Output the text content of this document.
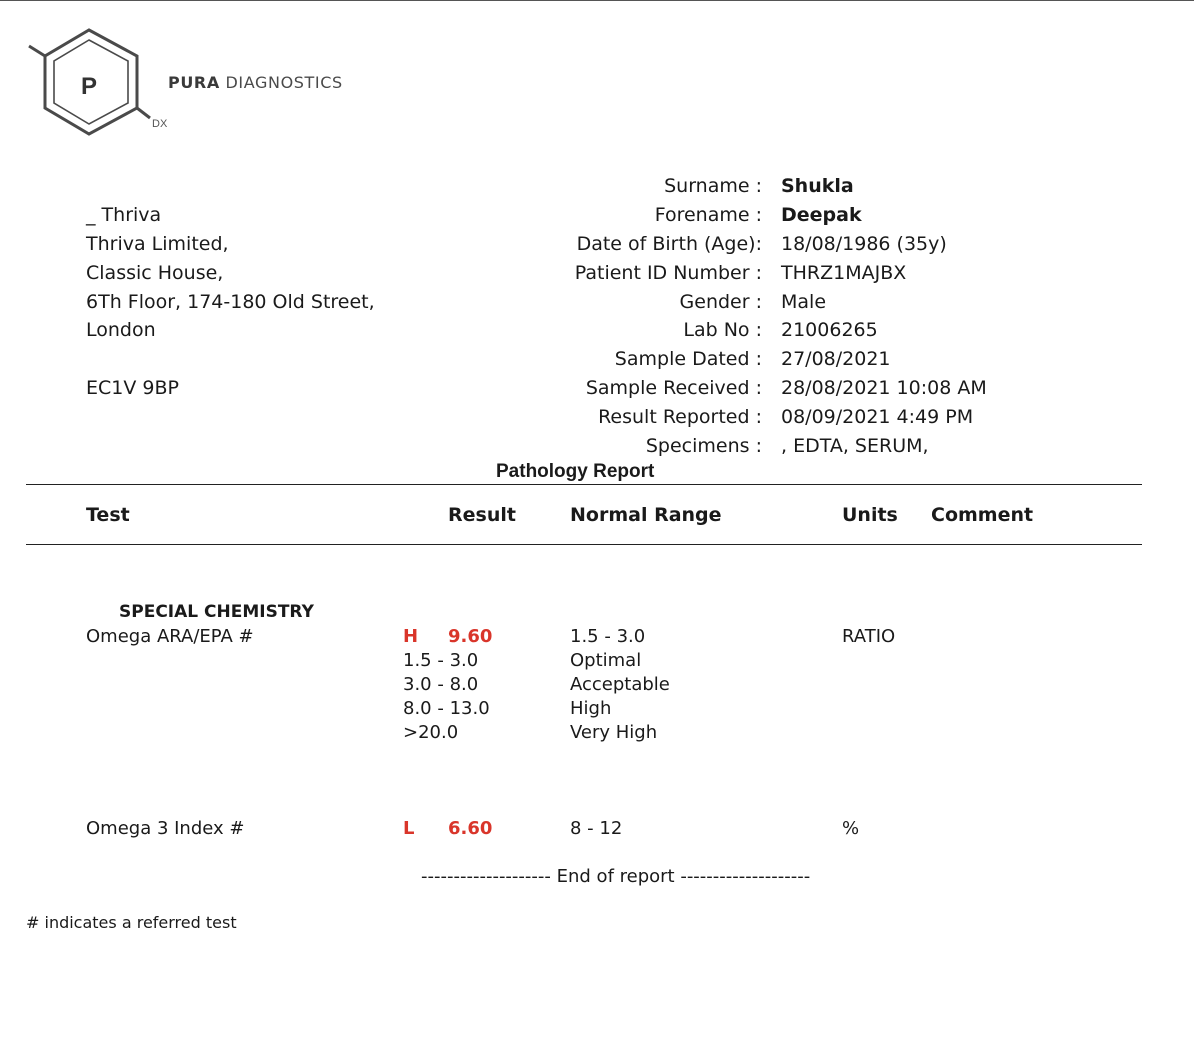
P
DX
PURA DIAGNOSTICS
_ Thriva
Thriva Limited,
Classic House,
6Th Floor, 174-180 Old Street,
London
EC1V 9BP
Surname : Shukla
Forename : Deepak
Date of Birth (Age): 18/08/1986 (35y)
Patient ID Number : THRZ1MAJBX
Gender : Male
Lab No : 21006265
Sample Dated : 27/08/2021
Sample Received : 28/08/2021 10:08 AM
Result Reported : 08/09/2021 4:49 PM
Specimens : , EDTA, SERUM,
Pathology Report
Test	Result	Normal Range	Units Comment
SPECIAL CHEMISTRY
Omega ARA/EPA #	H 9.60	1.5 - 3.0	RATIO
1.5 - 3.0	Optimal
3.0 - 8.0	Acceptable
8.0 - 13.0	High
>20.0	Very High
Omega 3 Index #	L 6.60	8 - 12	%
-------------------- End of report --------------------
# indicates a referred test
